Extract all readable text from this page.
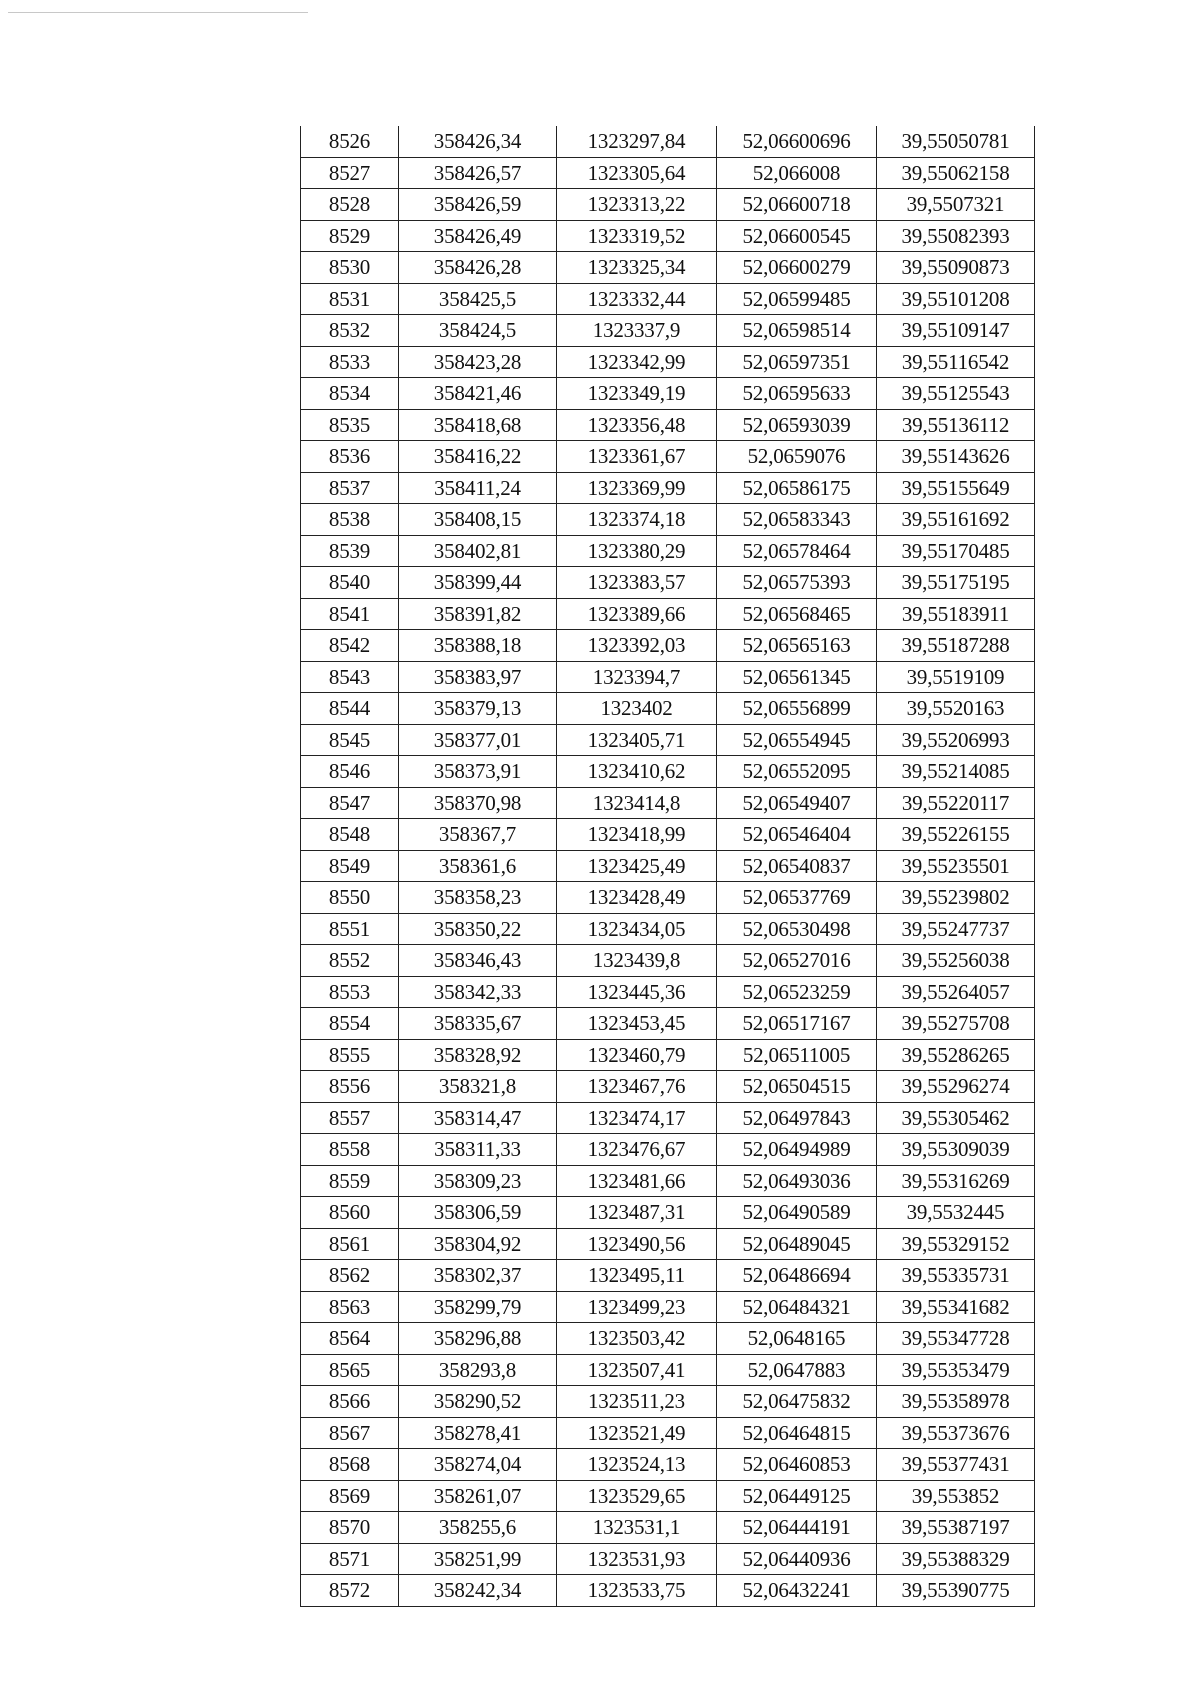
8526	358426,34	1323297,84	52,06600696	39,55050781
8527	358426,57	1323305,64	52,066008	39,55062158
8528	358426,59	1323313,22	52,06600718	39,5507321
8529	358426,49	1323319,52	52,06600545	39,55082393
8530	358426,28	1323325,34	52,06600279	39,55090873
8531	358425,5	1323332,44	52,06599485	39,55101208
8532	358424,5	1323337,9	52,06598514	39,55109147
8533	358423,28	1323342,99	52,06597351	39,55116542
8534	358421,46	1323349,19	52,06595633	39,55125543
8535	358418,68	1323356,48	52,06593039	39,55136112
8536	358416,22	1323361,67	52,0659076	39,55143626
8537	358411,24	1323369,99	52,06586175	39,55155649
8538	358408,15	1323374,18	52,06583343	39,55161692
8539	358402,81	1323380,29	52,06578464	39,55170485
8540	358399,44	1323383,57	52,06575393	39,55175195
8541	358391,82	1323389,66	52,06568465	39,55183911
8542	358388,18	1323392,03	52,06565163	39,55187288
8543	358383,97	1323394,7	52,06561345	39,5519109
8544	358379,13	1323402	52,06556899	39,5520163
8545	358377,01	1323405,71	52,06554945	39,55206993
8546	358373,91	1323410,62	52,06552095	39,55214085
8547	358370,98	1323414,8	52,06549407	39,55220117
8548	358367,7	1323418,99	52,06546404	39,55226155
8549	358361,6	1323425,49	52,06540837	39,55235501
8550	358358,23	1323428,49	52,06537769	39,55239802
8551	358350,22	1323434,05	52,06530498	39,55247737
8552	358346,43	1323439,8	52,06527016	39,55256038
8553	358342,33	1323445,36	52,06523259	39,55264057
8554	358335,67	1323453,45	52,06517167	39,55275708
8555	358328,92	1323460,79	52,06511005	39,55286265
8556	358321,8	1323467,76	52,06504515	39,55296274
8557	358314,47	1323474,17	52,06497843	39,55305462
8558	358311,33	1323476,67	52,06494989	39,55309039
8559	358309,23	1323481,66	52,06493036	39,55316269
8560	358306,59	1323487,31	52,06490589	39,5532445
8561	358304,92	1323490,56	52,06489045	39,55329152
8562	358302,37	1323495,11	52,06486694	39,55335731
8563	358299,79	1323499,23	52,06484321	39,55341682
8564	358296,88	1323503,42	52,0648165	39,55347728
8565	358293,8	1323507,41	52,0647883	39,55353479
8566	358290,52	1323511,23	52,06475832	39,55358978
8567	358278,41	1323521,49	52,06464815	39,55373676
8568	358274,04	1323524,13	52,06460853	39,55377431
8569	358261,07	1323529,65	52,06449125	39,553852
8570	358255,6	1323531,1	52,06444191	39,55387197
8571	358251,99	1323531,93	52,06440936	39,55388329
8572	358242,34	1323533,75	52,06432241	39,55390775
